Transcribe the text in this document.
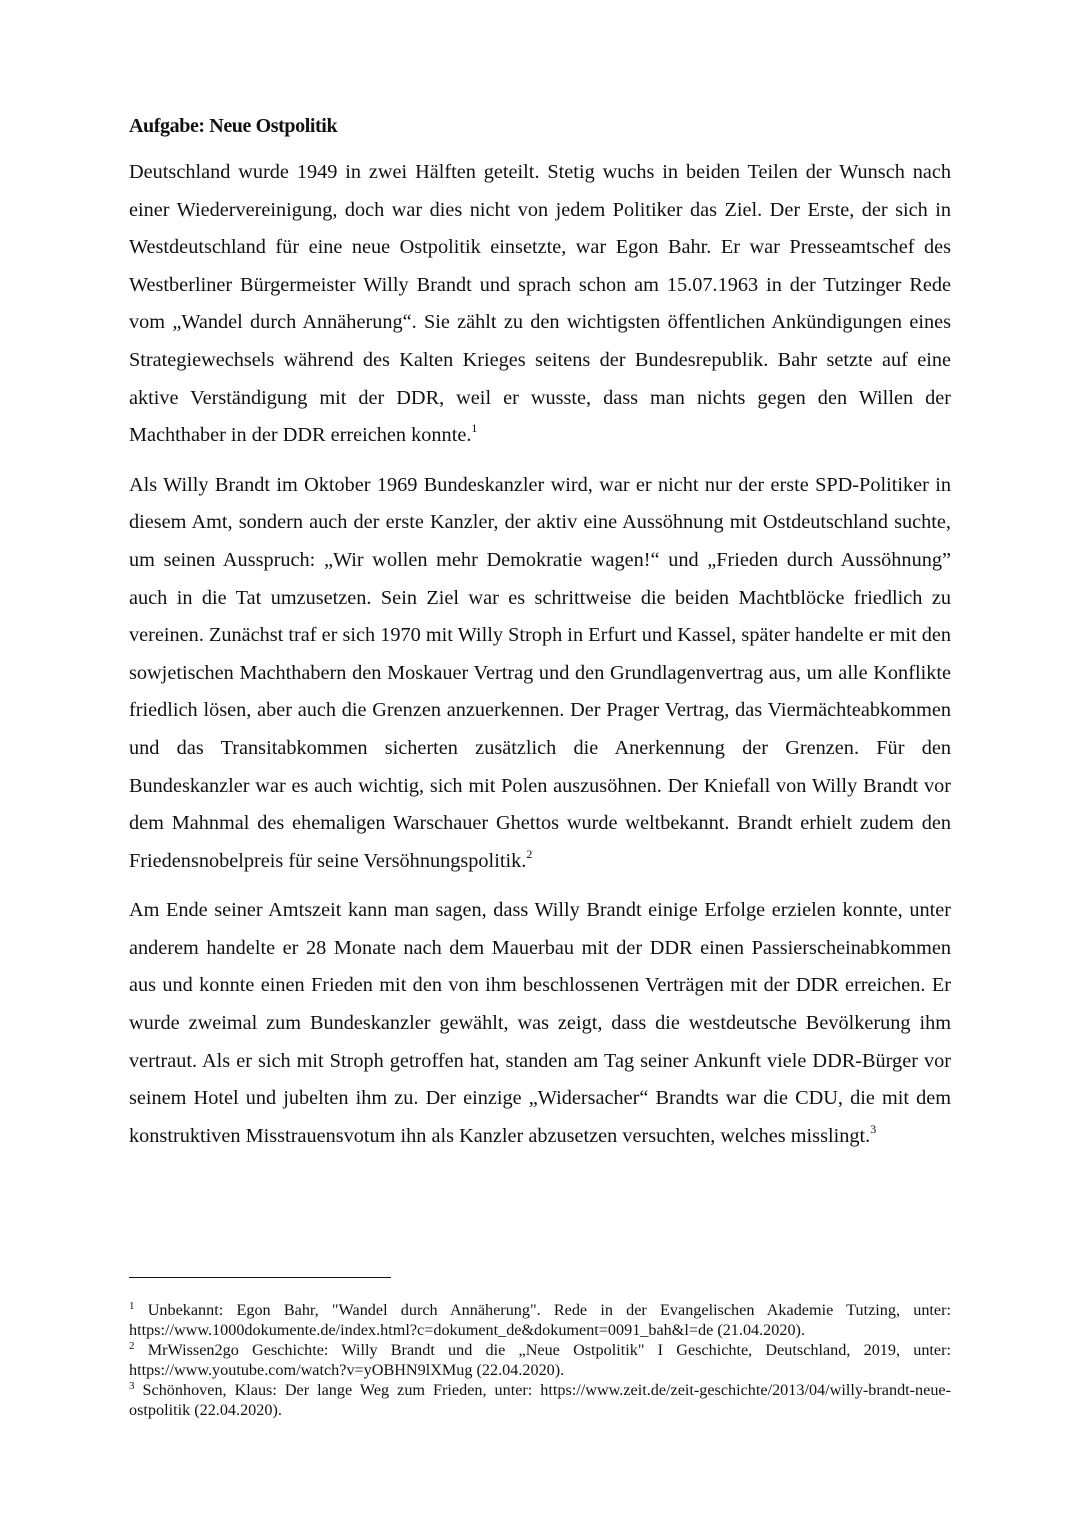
Aufgabe: Neue Ostpolitik

Deutschland wurde 1949 in zwei Hälften geteilt. Stetig wuchs in beiden Teilen der Wunsch nach einer Wiedervereinigung, doch war dies nicht von jedem Politiker das Ziel. Der Erste, der sich in Westdeutschland für eine neue Ostpolitik einsetzte, war Egon Bahr. Er war Presseamtschef des Westberliner Bürgermeister Willy Brandt und sprach schon am 15.07.1963 in der Tutzinger Rede vom „Wandel durch Annäherung“. Sie zählt zu den wichtigsten öffentlichen Ankündigungen eines Strategiewechsels während des Kalten Krieges seitens der Bundesrepublik. Bahr setzte auf eine aktive Verständigung mit der DDR, weil er wusste, dass man nichts gegen den Willen der Machthaber in der DDR erreichen konnte.$^1$

Als Willy Brandt im Oktober 1969 Bundeskanzler wird, war er nicht nur der erste SPD-Politiker in diesem Amt, sondern auch der erste Kanzler, der aktiv eine Aussöhnung mit Ostdeutschland suchte, um seinen Ausspruch: „Wir wollen mehr Demokratie wagen!“ und „Frieden durch Aussöhnung” auch in die Tat umzusetzen. Sein Ziel war es schrittweise die beiden Machtblöcke friedlich zu vereinen. Zunächst traf er sich 1970 mit Willy Stroph in Erfurt und Kassel, später handelte er mit den sowjetischen Machthabern den Moskauer Vertrag und den Grundlagenvertrag aus, um alle Konflikte friedlich lösen, aber auch die Grenzen anzuerkennen. Der Prager Vertrag, das Viermächteabkommen und das Transitabkommen sicherten zusätzlich die Anerkennung der Grenzen. Für den Bundeskanzler war es auch wichtig, sich mit Polen auszusöhnen. Der Kniefall von Willy Brandt vor dem Mahnmal des ehemaligen Warschauer Ghettos wurde weltbekannt. Brandt erhielt zudem den Friedensnobelpreis für seine Versöhnungspolitik.$^2$

Am Ende seiner Amtszeit kann man sagen, dass Willy Brandt einige Erfolge erzielen konnte, unter anderem handelte er 28 Monate nach dem Mauerbau mit der DDR einen Passierscheinabkommen aus und konnte einen Frieden mit den von ihm beschlossenen Verträgen mit der DDR erreichen. Er wurde zweimal zum Bundeskanzler gewählt, was zeigt, dass die westdeutsche Bevölkerung ihm vertraut. Als er sich mit Stroph getroffen hat, standen am Tag seiner Ankunft viele DDR-Bürger vor seinem Hotel und jubelten ihm zu. Der einzige „Widersacher“ Brandts war die CDU, die mit dem konstruktiven Misstrauensvotum ihn als Kanzler abzusetzen versuchten, welches misslingt.$^3$

$^1$ Unbekannt: Egon Bahr, "Wandel durch Annäherung". Rede in der Evangelischen Akademie Tutzing, unter: https://www.1000dokumente.de/index.html?c=dokument_de&dokument=0091_bah&l=de (21.04.2020).

$^2$ MrWissen2go Geschichte: Willy Brandt und die „Neue Ostpolitik" I Geschichte, Deutschland, 2019, unter: https://www.youtube.com/watch?v=yOBHN9lXMug (22.04.2020).

$^3$ Schönhoven, Klaus: Der lange Weg zum Frieden, unter: https://www.zeit.de/zeit-geschichte/2013/04/willy-brandt-neue-ostpolitik (22.04.2020).
